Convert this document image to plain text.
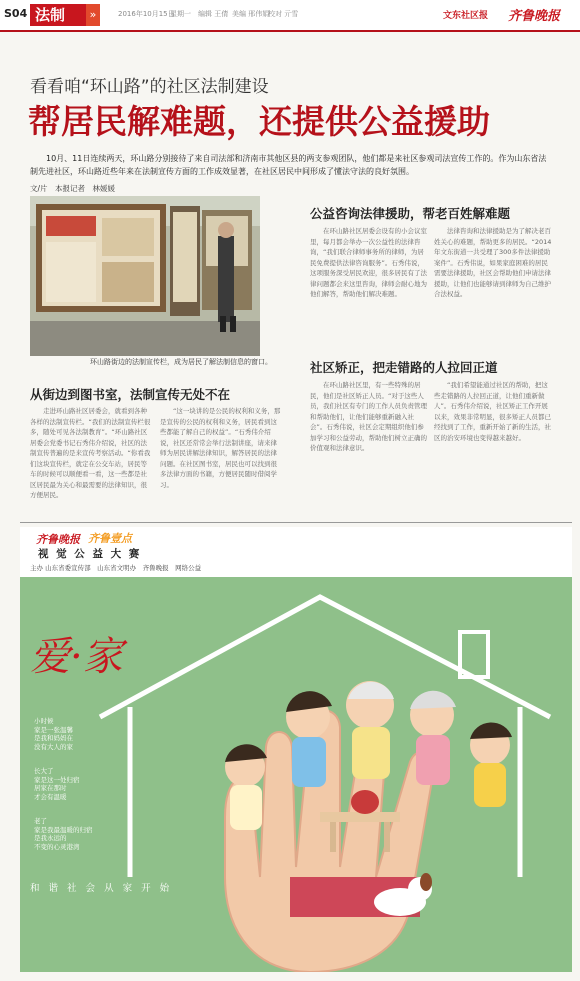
S04 法制	»	2016年10月15日
星期一 编辑 王倩 美编 邢伟娟
校对 亓雪	文东社区报 齐鲁晚报
看看咱“环山路”的社区法制建设
帮居民解难题，还提供公益援助
10月、11日连续两天，环山路分别接待了来自司法部和济南市其他区县的两支参观团队，他们都是来社区参观司法宣传工作的。作为山东省法制先进社区，环山路近些年来在法制宣传方面的工作成效显著，在社区居民中间形成了懂法守法的良好氛围。
文/片　本报记者　林媛媛
环山路街边的法制宣传栏，成为居民了解法制信息的窗口。
公益咨询法律援助，帮老百姓解难题

在环山路社区居委会设有的小会议室里，每月都会举办一次公益性的法律咨询，“我们联合律师事务所的律师，为居民免费提供法律咨询服务”。石秀伟说，这项服务深受居民欢迎，很多居民有了法律问题都会来这里咨询，律师会耐心地为他们解答，帮助他们解决难题。

法律咨询和法律援助是为了解决老百姓关心的难题，帮助更多的居民。“2014年文东街道一共受理了300多件法律援助案件”。石秀伟说，如果家庭困难的居民需要法律援助，社区会帮助他们申请法律援助，让他们也能够请到律师为自己维护合法权益。

社区矫正，把走错路的人拉回正道

在环山路社区里，有一些特殊的居民，他们是社区矫正人员。“对于这些人员，我们社区有专门的工作人员负责管理和帮助他们，让他们能够重新融入社会”。石秀伟说，社区会定期组织他们参加学习和公益劳动，帮助他们树立正确的价值观和法律意识。

“我们希望能通过社区的帮助，把这些走错路的人拉回正道，让他们重新做人”。石秀伟介绍说，社区矫正工作开展以来，效果非常明显，很多矫正人员都已经找到了工作，重新开始了新的生活，社区的治安环境也变得越来越好。

从街边到图书室，法制宣传无处不在

走进环山路社区居委会，就看到各种各样的法制宣传栏。“我们的法制宣传栏很多，随处可见各法制教育”。“环山路社区居委会党委书记石秀伟介绍说，社区的法制宣传普遍的是来宣传考察活动。“你看我们这块宣传栏，就定在公交车站，居民等车的时候可以顺便看一看，这一些都是社区居民最为关心和最需要的法律知识，很方便居民。

“这一块讲的是公民的权利和义务，那是宣传的公民的权利和义务，居民看到这些都能了解自己的权益”。“石秀伟介绍说，社区还常常会举行法制讲座，请来律师为居民讲解法律知识，解答居民的法律问题。在社区图书室，居民也可以找到很多法律方面的书籍，方便居民随时借阅学习。

齐鲁晚报 齐鲁壹点
视 觉 公 益 大 赛
主办 山东省委宣传部　山东省文明办　齐鲁晚报　网络公益
爱·家
小时候
家是一张温馨
是我和妈妈在
没有大人的家
长大了
家是这一处归宿
居家在那时
才会有温暖
老了
家是我最温暖的归宿
是我永远的
不变的心灵港湾
和 谐 社 会 从 家 开 始
